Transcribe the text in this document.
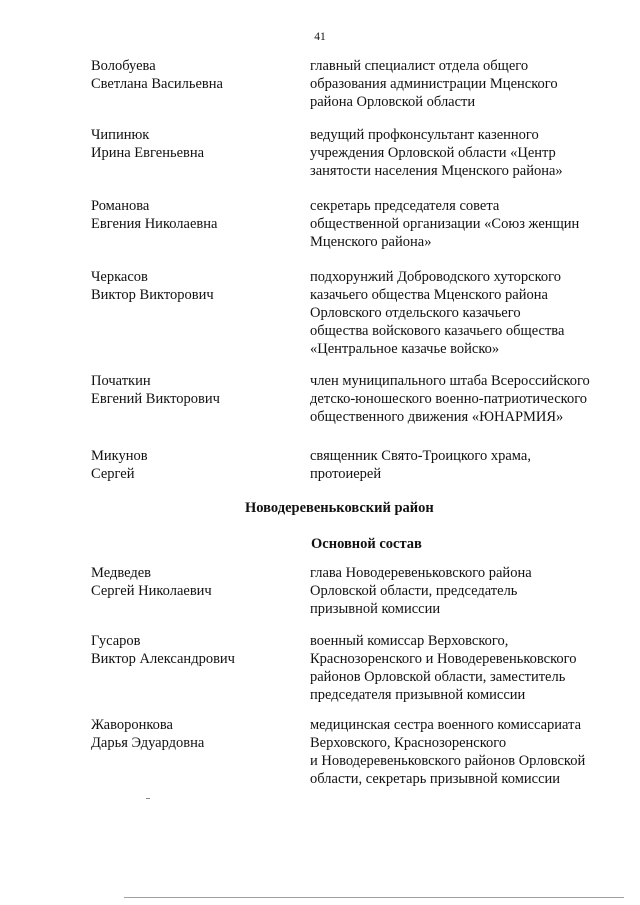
41
Волобуева
Светлана Васильевна
главный специалист отдела общего
образования администрации Мценского
района Орловской области
Чипинюк
Ирина Евгеньевна
ведущий профконсультант казенного
учреждения Орловской области «Центр
занятости населения Мценского района»
Романова
Евгения Николаевна
секретарь председателя совета
общественной организации «Союз женщин
Мценского района»
Черкасов
Виктор Викторович
подхорунжий Доброводского хуторского
казачьего общества Мценского района
Орловского отдельского казачьего
общества войскового казачьего общества
«Центральное казачье войско»
Початкин
Евгений Викторович
член муниципального штаба Всероссийского
детско-юношеского военно-патриотического
общественного движения «ЮНАРМИЯ»
Микунов
Сергей
священник Свято-Троицкого храма,
протоиерей
Новодеревеньковский район
Основной состав
Медведев
Сергей Николаевич
глава Новодеревеньковского района
Орловской области, председатель
призывной комиссии
Гусаров
Виктор Александрович
военный комиссар Верховского,
Краснозоренского и Новодеревеньковского
районов Орловской области, заместитель
председателя призывной комиссии
Жаворонкова
Дарья Эдуардовна
медицинская сестра военного комиссариата
Верховского, Краснозоренского
и Новодеревеньковского районов Орловской
области, секретарь призывной комиссии
